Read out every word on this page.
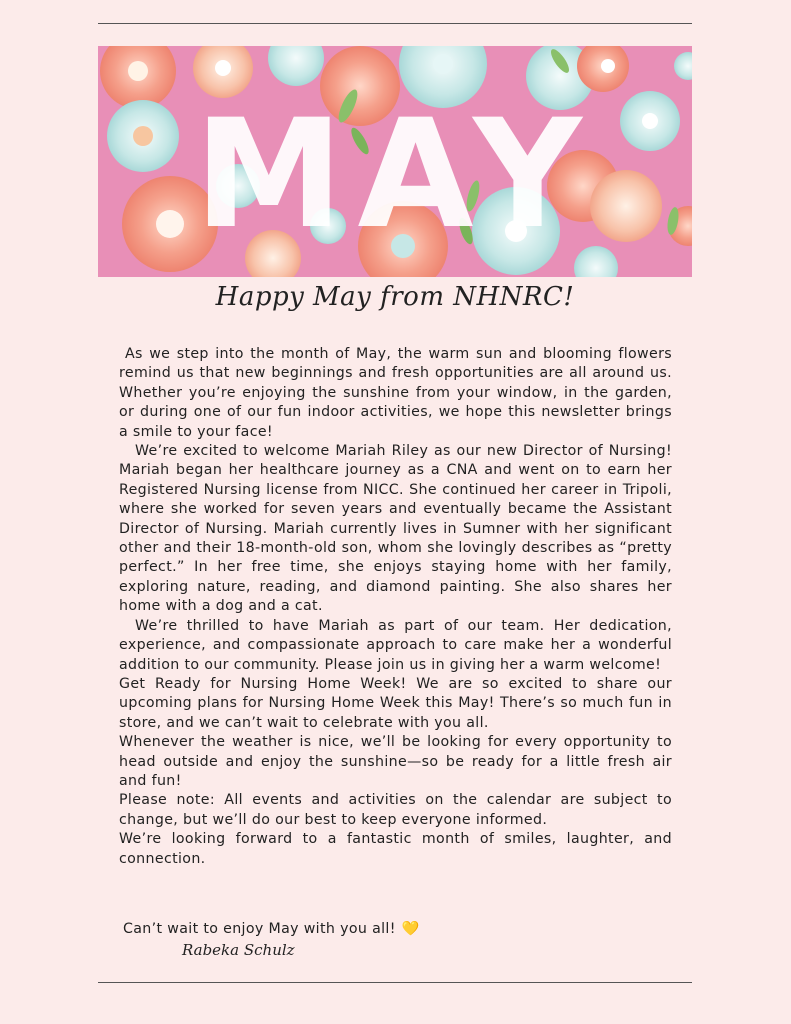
MAY
Happy May from NHNRC!

As we step into the month of May, the warm sun and blooming flowers remind us that new beginnings and fresh opportunities are all around us. Whether you’re enjoying the sunshine from your window, in the garden, or during one of our fun indoor activities, we hope this newsletter brings a smile to your face!

We’re excited to welcome Mariah Riley as our new Director of Nursing! Mariah began her healthcare journey as a CNA and went on to earn her Registered Nursing license from NICC. She continued her career in Tripoli, where she worked for seven years and eventually became the Assistant Director of Nursing. Mariah currently lives in Sumner with her significant other and their 18-month-old son, whom she lovingly describes as “pretty perfect.” In her free time, she enjoys staying home with her family, exploring nature, reading, and diamond painting. She also shares her home with a dog and a cat.

We’re thrilled to have Mariah as part of our team. Her dedication, experience, and compassionate approach to care make her a wonderful addition to our community. Please join us in giving her a warm welcome!

Get Ready for Nursing Home Week! We are so excited to share our upcoming plans for Nursing Home Week this May! There’s so much fun in store, and we can’t wait to celebrate with you all.

Whenever the weather is nice, we’ll be looking for every opportunity to head outside and enjoy the sunshine—so be ready for a little fresh air and fun!

Please note: All events and activities on the calendar are subject to change, but we’ll do our best to keep everyone informed.

We’re looking forward to a fantastic month of smiles, laughter, and connection.

Can’t wait to enjoy May with you all! 💛
Rabeka Schulz
